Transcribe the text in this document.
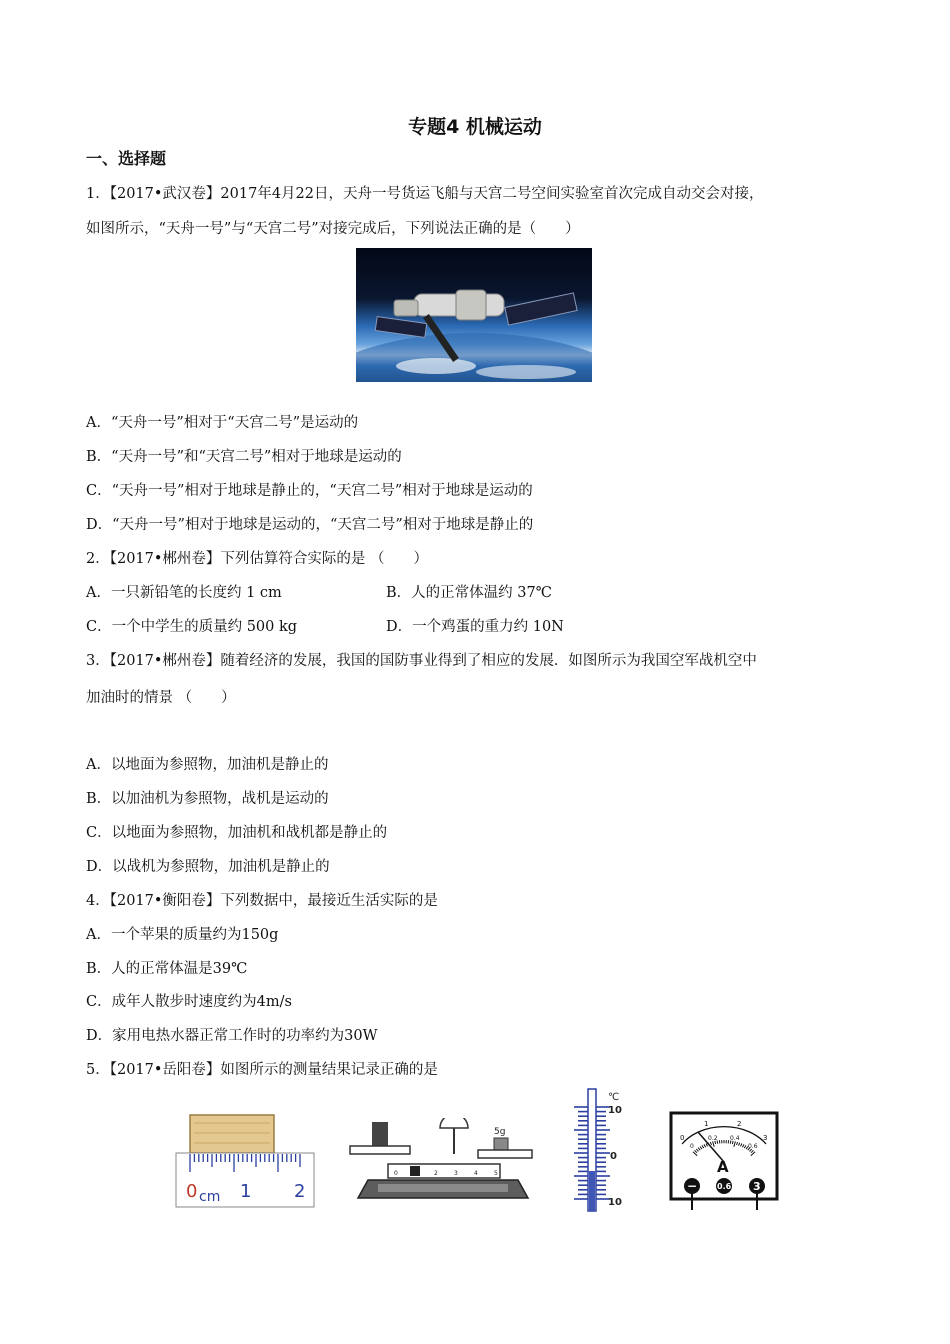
专题4 机械运动
一、选择题
1．【2017•武汉卷】2017年4月22日，天舟一号货运飞船与天宫二号空间实验室首次完成自动交会对接，
如图所示，“天舟一号”与“天宫二号”对接完成后，下列说法正确的是（　　）
A．“天舟一号”相对于“天宫二号”是运动的
B．“天舟一号”和“天宫二号”相对于地球是运动的
C．“天舟一号”相对于地球是静止的，“天宫二号”相对于地球是运动的
D．“天舟一号”相对于地球是运动的，“天宫二号”相对于地球是静止的
2．【2017•郴州卷】下列估算符合实际的是 （　　）
A．一只新铅笔的长度约 1 cm	B．人的正常体温约 37℃
C．一个中学生的质量约 500 kg	D．一个鸡蛋的重力约 10N
3．【2017•郴州卷】随着经济的发展，我国的国防事业得到了相应的发展．如图所示为我国空军战机空中
加油时的情景 （　　）
A．以地面为参照物，加油机是静止的
B．以加油机为参照物，战机是运动的
C．以地面为参照物，加油机和战机都是静止的
D．以战机为参照物，加油机是静止的
4．【2017•衡阳卷】下列数据中，最接近生活实际的是
A．一个苹果的质量约为150g
B．人的正常体温是39℃
C．成年人散步时速度约为4m/s
D．家用电热水器正常工作时的功率约为30W
5．【2017•岳阳卷】如图所示的测量结果记录正确的是
0 cm 1 2
5g
0	1	2	3	4	5
℃
10
0
10
0
1	2
3
0
0.2 0.4
0.6
A
− 0.6 3
